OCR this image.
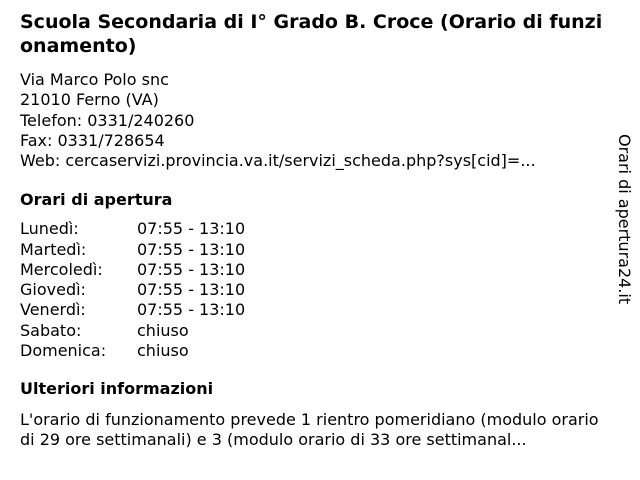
Scuola Secondaria di I° Grado B. Croce (Orario di funzionamento)
Via Marco Polo snc
21010 Ferno (VA)
Telefon: 0331/240260
Fax: 0331/728654
Web: cercaservizi.provincia.va.it/servizi_scheda.php?sys[cid]=...
Orari di apertura
Lunedì:	07:55 - 13:10
Martedì:	07:55 - 13:10
Mercoledì:	07:55 - 13:10
Giovedì:	07:55 - 13:10
Venerdì:	07:55 - 13:10
Sabato:	chiuso
Domenica:	chiuso
Ulteriori informazioni
L'orario di funzionamento prevede 1 rientro pomeridiano (modulo orario di 29 ore settimanali) e 3 (modulo orario di 33 ore settimanal...
Orari di apertura24.it
